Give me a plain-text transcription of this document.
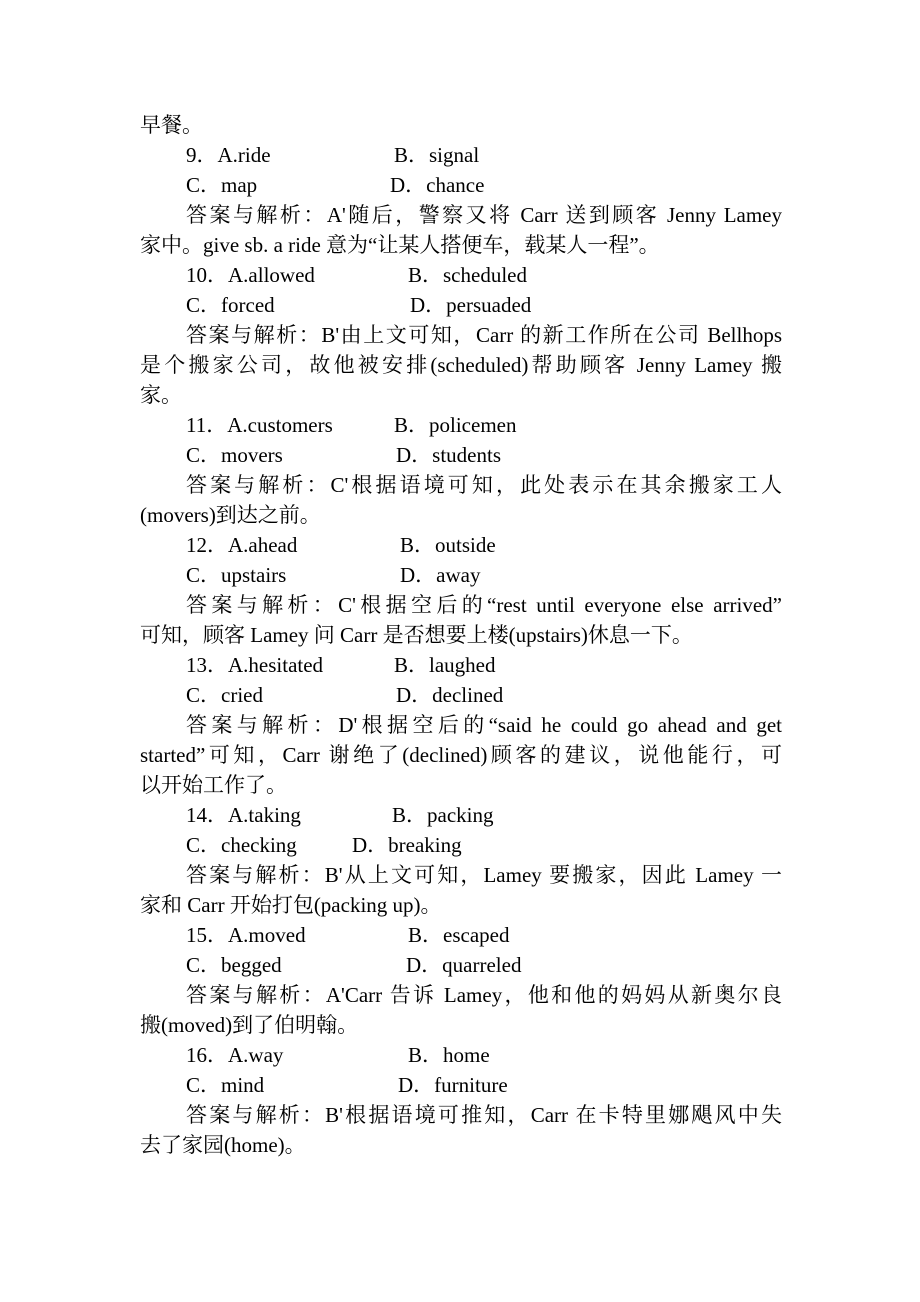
早餐。
9．A.ride	B．signal
C．map	D．chance
答案与解析：A'随后，警察又将 Carr 送到顾客 Jenny Lamey
家中。give sb. a ride 意为“让某人搭便车，载某人一程”。
10．A.allowed	B．scheduled
C．forced	D．persuaded
答案与解析：B'由上文可知，Carr 的新工作所在公司 Bellhops
是个搬家公司，故他被安排(scheduled)帮助顾客 Jenny Lamey 搬
家。
11．A.customers	B．policemen
C．movers	D．students
答案与解析：C'根据语境可知，此处表示在其余搬家工人
(movers)到达之前。
12．A.ahead	B．outside
C．upstairs	D．away
答案与解析：C'根据空后的“rest until everyone else arrived”
可知，顾客 Lamey 问 Carr 是否想要上楼(upstairs)休息一下。
13．A.hesitated	B．laughed
C．cried	D．declined
答案与解析：D'根据空后的“said he could go ahead and get
started”可知，Carr 谢绝了(declined)顾客的建议，说他能行，可
以开始工作了。
14．A.taking	B．packing
C．checking	D．breaking
答案与解析：B'从上文可知，Lamey 要搬家，因此 Lamey 一
家和 Carr 开始打包(packing up)。
15．A.moved	B．escaped
C．begged	D．quarreled
答案与解析：A'Carr 告诉 Lamey，他和他的妈妈从新奥尔良
搬(moved)到了伯明翰。
16．A.way	B．home
C．mind	D．furniture
答案与解析：B'根据语境可推知，Carr 在卡特里娜飓风中失
去了家园(home)。
